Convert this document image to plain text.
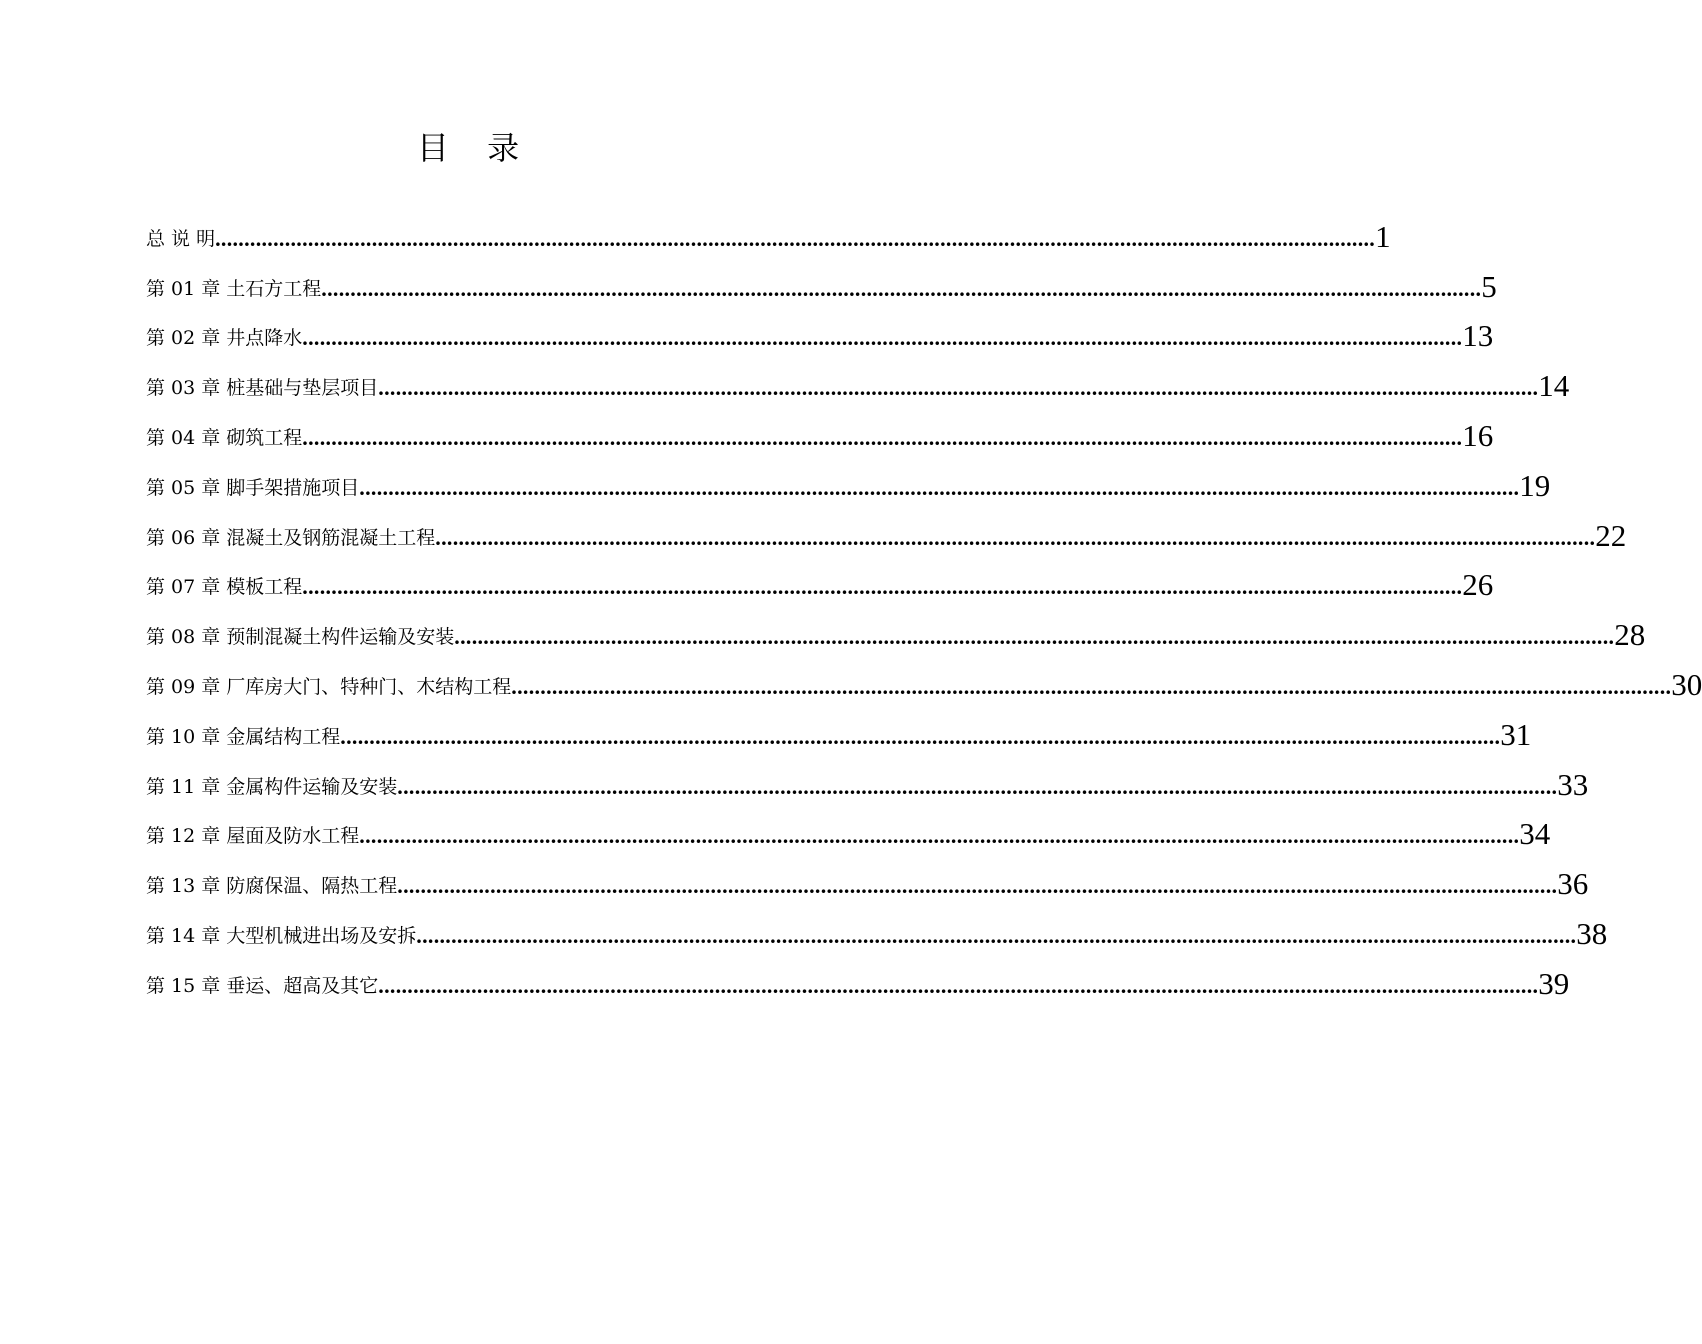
目 录
总 说 明 ........................................................................................................................................................................................................ 1
第 01 章 土石方工程 ........................................................................................................................................................................................................ 5
第 02 章 井点降水 ........................................................................................................................................................................................................ 13
第 03 章 桩基础与垫层项目 ........................................................................................................................................................................................................ 14
第 04 章 砌筑工程 ........................................................................................................................................................................................................ 16
第 05 章 脚手架措施项目 ........................................................................................................................................................................................................ 19
第 06 章 混凝土及钢筋混凝土工程 ........................................................................................................................................................................................................ 22
第 07 章 模板工程 ........................................................................................................................................................................................................ 26
第 08 章 预制混凝土构件运输及安装 ........................................................................................................................................................................................................ 28
第 09 章 厂库房大门、特种门、木结构工程 ........................................................................................................................................................................................................ 30
第 10 章 金属结构工程 ........................................................................................................................................................................................................ 31
第 11 章 金属构件运输及安装 ........................................................................................................................................................................................................ 33
第 12 章 屋面及防水工程 ........................................................................................................................................................................................................ 34
第 13 章 防腐保温、隔热工程 ........................................................................................................................................................................................................ 36
第 14 章 大型机械进出场及安拆 ........................................................................................................................................................................................................ 38
第 15 章 垂运、超高及其它 ........................................................................................................................................................................................................ 39
